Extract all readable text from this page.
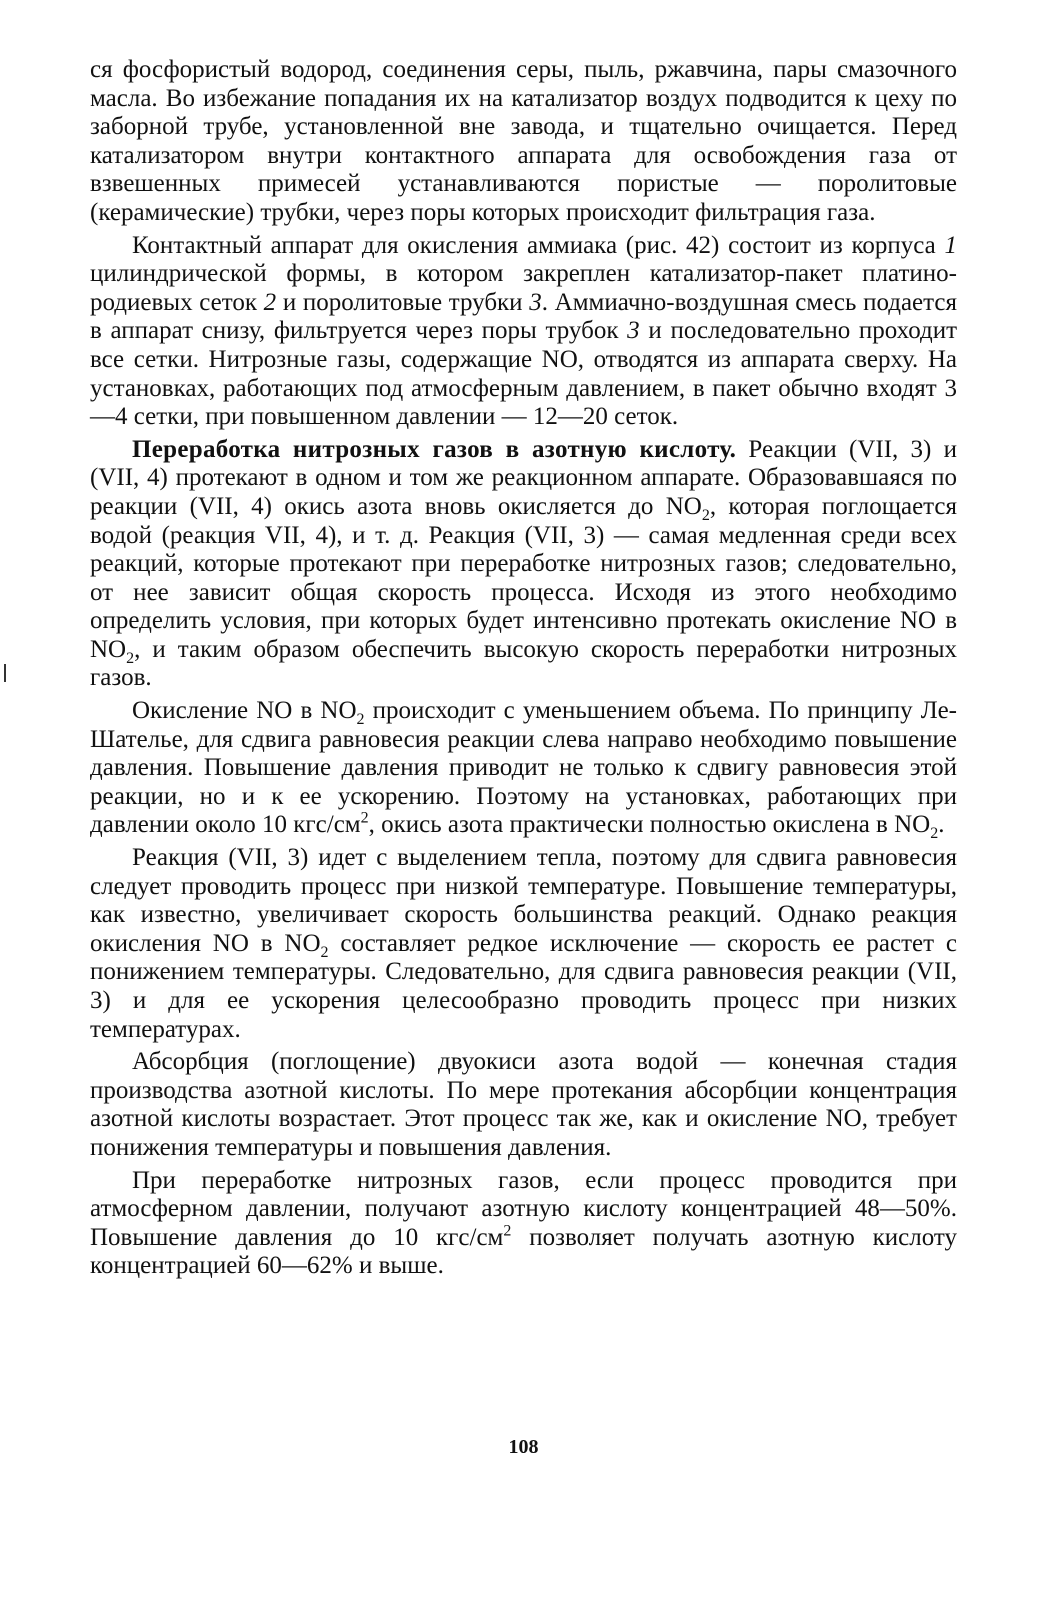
ся фосфористый водород, соединения серы, пыль, ржавчина, пары смазочного масла. Во избежание попадания их на катализатор воздух подводится к цеху по заборной трубе, установленной вне завода, и тщательно очищается. Перед катализатором внутри контактного аппарата для освобождения газа от взвешенных примесей устанавливаются пористые — поролитовые (керамические) трубки, через поры которых происходит фильтрация газа.

Контактный аппарат для окисления аммиака (рис. 42) состоит из корпуса 1 цилиндрической формы, в котором закреплен катализатор-пакет платино-родиевых сеток 2 и поролитовые трубки 3. Аммиачно-воздушная смесь подается в аппарат снизу, фильтруется через поры трубок 3 и последовательно проходит все сетки. Нитрозные газы, содержащие NO, отводятся из аппарата сверху. На установках, работающих под атмосферным давлением, в пакет обычно входят 3—4 сетки, при повышенном давлении — 12—20 сеток.

Переработка нитрозных газов в азотную кислоту. Реакции (VII, 3) и (VII, 4) протекают в одном и том же реакционном аппарате. Образовавшаяся по реакции (VII, 4) окись азота вновь окисляется до $NO_2$, которая поглощается водой (реакция VII, 4), и т. д. Реакция (VII, 3) — самая медленная среди всех реакций, которые протекают при переработке нитрозных газов; следовательно, от нее зависит общая скорость процесса. Исходя из этого необходимо определить условия, при которых будет интенсивно протекать окисление NO в $NO_2$, и таким образом обеспечить высокую скорость переработки нитрозных газов.

Окисление NO в $NO_2$ происходит с уменьшением объема. По принципу Ле-Шателье, для сдвига равновесия реакции слева направо необходимо повышение давления. Повышение давления приводит не только к сдвигу равновесия этой реакции, но и к ее ускорению. Поэтому на установках, работающих при давлении около 10 кгс/$см^2$, окись азота практически полностью окислена в $NO_2$.

Реакция (VII, 3) идет с выделением тепла, поэтому для сдвига равновесия следует проводить процесс при низкой температуре. Повышение температуры, как известно, увеличивает скорость большинства реакций. Однако реакция окисления NO в $NO_2$ составляет редкое исключение — скорость ее растет с понижением температуры. Следовательно, для сдвига равновесия реакции (VII, 3) и для ее ускорения целесообразно проводить процесс при низких температурах.

Абсорбция (поглощение) двуокиси азота водой — конечная стадия производства азотной кислоты. По мере протекания абсорбции концентрация азотной кислоты возрастает. Этот процесс так же, как и окисление NO, требует понижения температуры и повышения давления.

При переработке нитрозных газов, если процесс проводится при атмосферном давлении, получают азотную кислоту концентрацией 48—50%. Повышение давления до 10 кгс/$см^2$ позволяет получать азотную кислоту концентрацией 60—62% и выше.

108
